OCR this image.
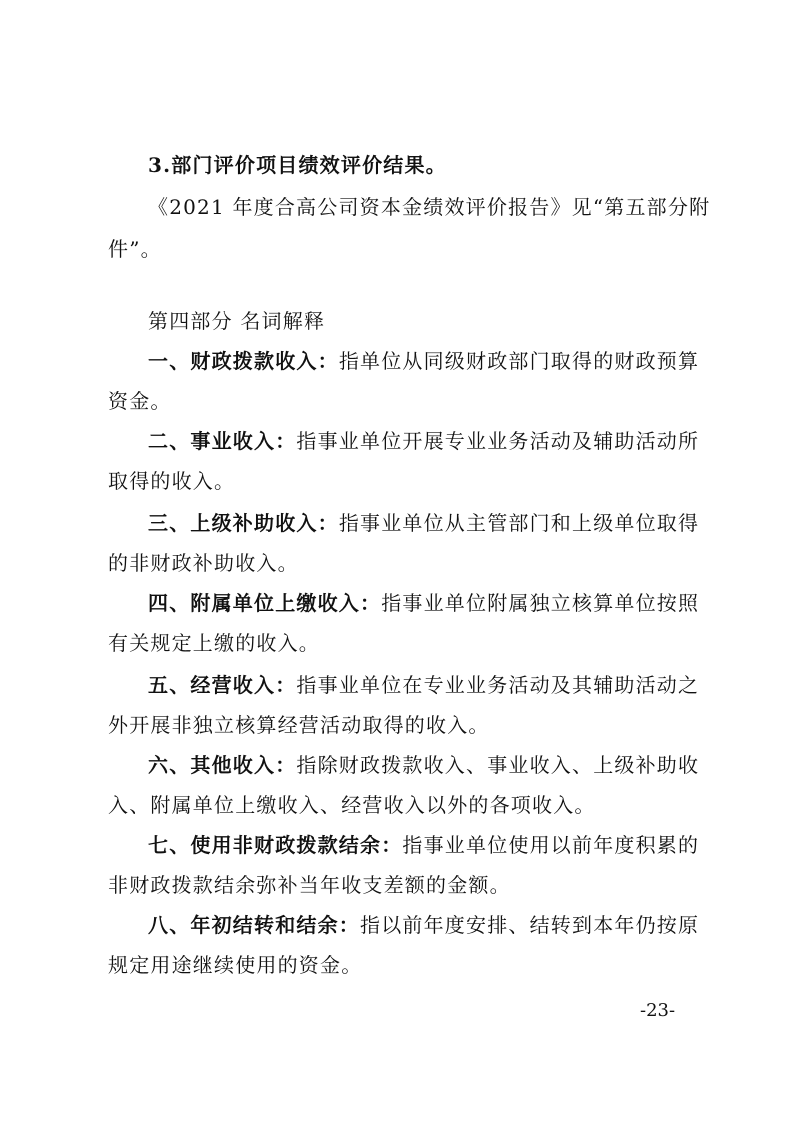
3.部门评价项目绩效评价结果。
《2021 年度合高公司资本金绩效评价报告》见“第五部分附
件”。
第四部分 名词解释
一、财政拨款收入：指单位从同级财政部门取得的财政预算
资金。
二、事业收入：指事业单位开展专业业务活动及辅助活动所
取得的收入。
三、上级补助收入：指事业单位从主管部门和上级单位取得
的非财政补助收入。
四、附属单位上缴收入：指事业单位附属独立核算单位按照
有关规定上缴的收入。
五、经营收入：指事业单位在专业业务活动及其辅助活动之
外开展非独立核算经营活动取得的收入。
六、其他收入：指除财政拨款收入、事业收入、上级补助收
入、附属单位上缴收入、经营收入以外的各项收入。
七、使用非财政拨款结余：指事业单位使用以前年度积累的
非财政拨款结余弥补当年收支差额的金额。
八、年初结转和结余：指以前年度安排、结转到本年仍按原
规定用途继续使用的资金。
-23-
